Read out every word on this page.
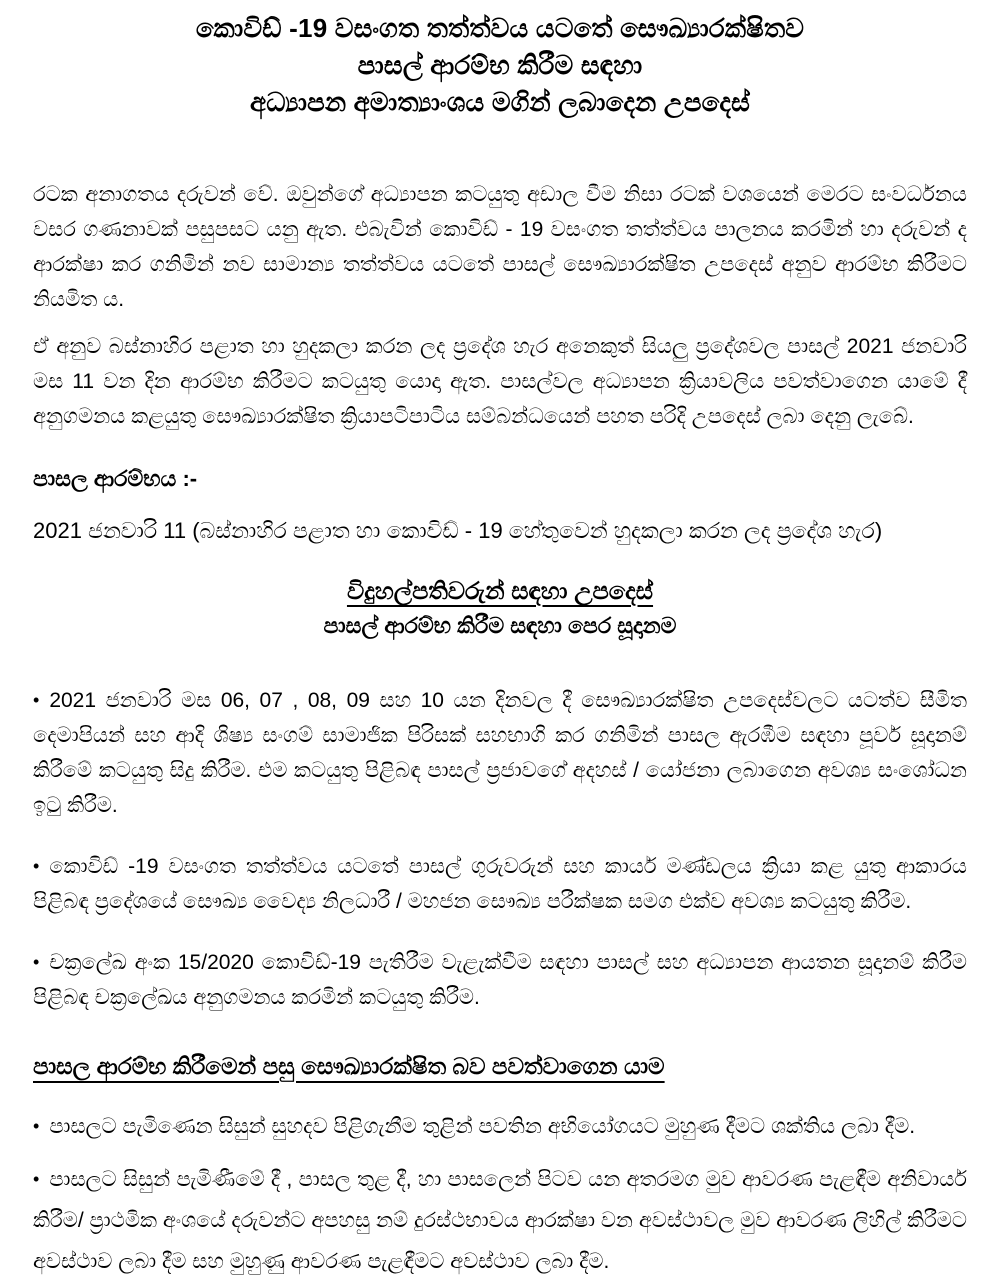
කොවිඩ් -19 වසංගත තත්ත්වය යටතේ සෞඛ්‍යාරක්ෂිතව
පාසල් ආරම්භ කිරීම සඳහා
අධ්‍යාපන අමාත්‍යාංශය මගින් ලබාදෙන උපදෙස්

රටක අනාගතය දරුවන් වේ. ඔවුන්ගේ අධ්‍යාපන කටයුතු අඩාල වීම නිසා රටක් වශයෙන් මෙරට සංවර්ධනය වසර ගණනාවක් පසුපසට යනු ඇත. එබැවින් කොවිඩ් - 19 වසංගත තත්ත්වය පාලනය කරමින් හා දරුවන් ද ආරක්ෂා කර ගනිමින් නව සාමාන්‍ය තත්ත්වය යටතේ පාසල් සෞඛ්‍යාරක්ෂිත උපදෙස් අනුව ආරම්භ කිරීමට නියමිත ය.

ඒ අනුව බස්නාහිර පළාත හා හුදකලා කරන ලද ප්‍රදේශ හැර අනෙකුත් සියලු ප්‍රදේශවල පාසල් 2021 ජනවාරි මස 11 වන දින ආරම්භ කිරීමට කටයුතු යොදා ඇත. පාසල්වල අධ්‍යාපන ක්‍රියාවලිය පවත්වාගෙන යාමේ දී අනුගමනය කළයුතු සෞඛ්‍යාරක්ෂිත ක්‍රියාපටිපාටිය සම්බන්ධයෙන් පහත පරිදි උපදෙස් ලබා දෙනු ලැබේ.

පාසල ආරම්භය :-

2021 ජනවාරි 11 (බස්නාහිර පළාත හා කොවිඩ් - 19 හේතුවෙන් හුදකලා කරන ලද ප්‍රදේශ හැර)

විදුහල්පතිවරුන් සඳහා උපදෙස්
පාසල් ආරම්භ කිරීම සඳහා පෙර සූදානම

• 2021 ජනවාරි මස 06, 07 , 08, 09 සහ 10 යන දිනවල දී සෞඛ්‍යාරක්ෂිත උපදෙස්වලට යටත්ව සීමිත දෙමාපියන් සහ ආදි ශිෂ්‍ය සංගම් සාමාජික පිරිසක් සහභාගි කර ගනිමින් පාසල ඇරඹීම සඳහා පූර්ව සූදානම් කිරීමේ කටයුතු සිදු කිරීම. එම කටයුතු පිළිබඳ පාසල් ප්‍රජාවගේ අදහස් / යෝජනා ලබාගෙන අවශ්‍ය සංශෝධන ඉටු කිරීම.

• කොවිඩ් -19 වසංගත තත්ත්වය යටතේ පාසල් ගුරුවරුන් සහ කාර්ය මණ්ඩලය ක්‍රියා කළ යුතු ආකාරය පිළිබඳ ප්‍රදේශයේ සෞඛ්‍ය වෛද්‍ය නිලධාරී / මහජන සෞඛ්‍ය පරීක්ෂක සමග එක්ව අවශ්‍ය කටයුතු කිරීම.

• චක්‍රලේඛ අංක 15/2020 කොවිඩ්-19 පැතිරීම වැළැක්වීම සඳහා පාසල් සහ අධ්‍යාපන ආයතන සූදානම් කිරීම පිළිබඳ චක්‍රලේඛය අනුගමනය කරමින් කටයුතු කිරීම.

පාසල ආරම්භ කිරීමෙන් පසු සෞඛ්‍යාරක්ෂිත බව පවත්වාගෙන යාම

• පාසලට පැමිණෙන සිසුන් සුහදව පිළිගැනීම තුළින් පවතින අභියෝගයට මුහුණ දීමට ශක්තිය ලබා දීම.

• පාසලට සිසුන් පැමිණීමේ දී , පාසල තුළ දී, හා පාසලෙන් පිටව යන අතරමග මුව ආවරණ පැළඳීම අනිවාර්ය කිරීම/ ප්‍රාථමික අංශයේ දරුවන්ට අපහසු නම් දුරස්ථභාවය ආරක්ෂා වන අවස්ථාවල මුව ආවරණ ලිහිල් කිරීමට අවස්ථාව ලබා දීම සහ මුහුණු ආවරණ පැළඳීමට අවස්ථාව ලබා දීම.
